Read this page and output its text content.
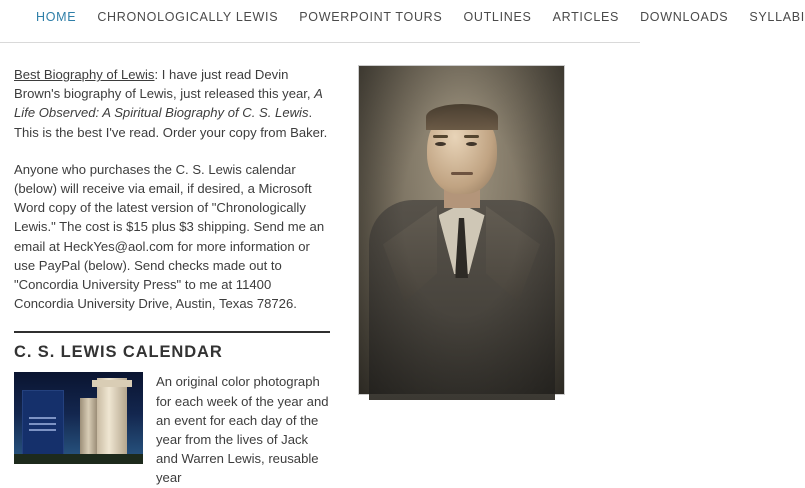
HOME CHRONOLOGICALLY LEWIS POWERPOINT TOURS OUTLINES ARTICLES DOWNLOADS SYLLABI

Best Biography of Lewis: I have just read Devin Brown's biography of Lewis, just released this year, A Life Observed: A Spiritual Biography of C. S. Lewis. This is the best I've read. Order your copy from Baker.

Anyone who purchases the C. S. Lewis calendar (below) will receive via email, if desired, a Microsoft Word copy of the latest version of "Chronologically Lewis." The cost is $15 plus $3 shipping. Send me an email at HeckYes@aol.com for more information or use PayPal (below). Send checks made out to "Concordia University Press" to me at 11400 Concordia University Drive, Austin, Texas 78726.

C. S. LEWIS CALENDAR
An original color photograph for each week of the year and an event for each day of the year from the lives of Jack and Warren Lewis, reusable year
